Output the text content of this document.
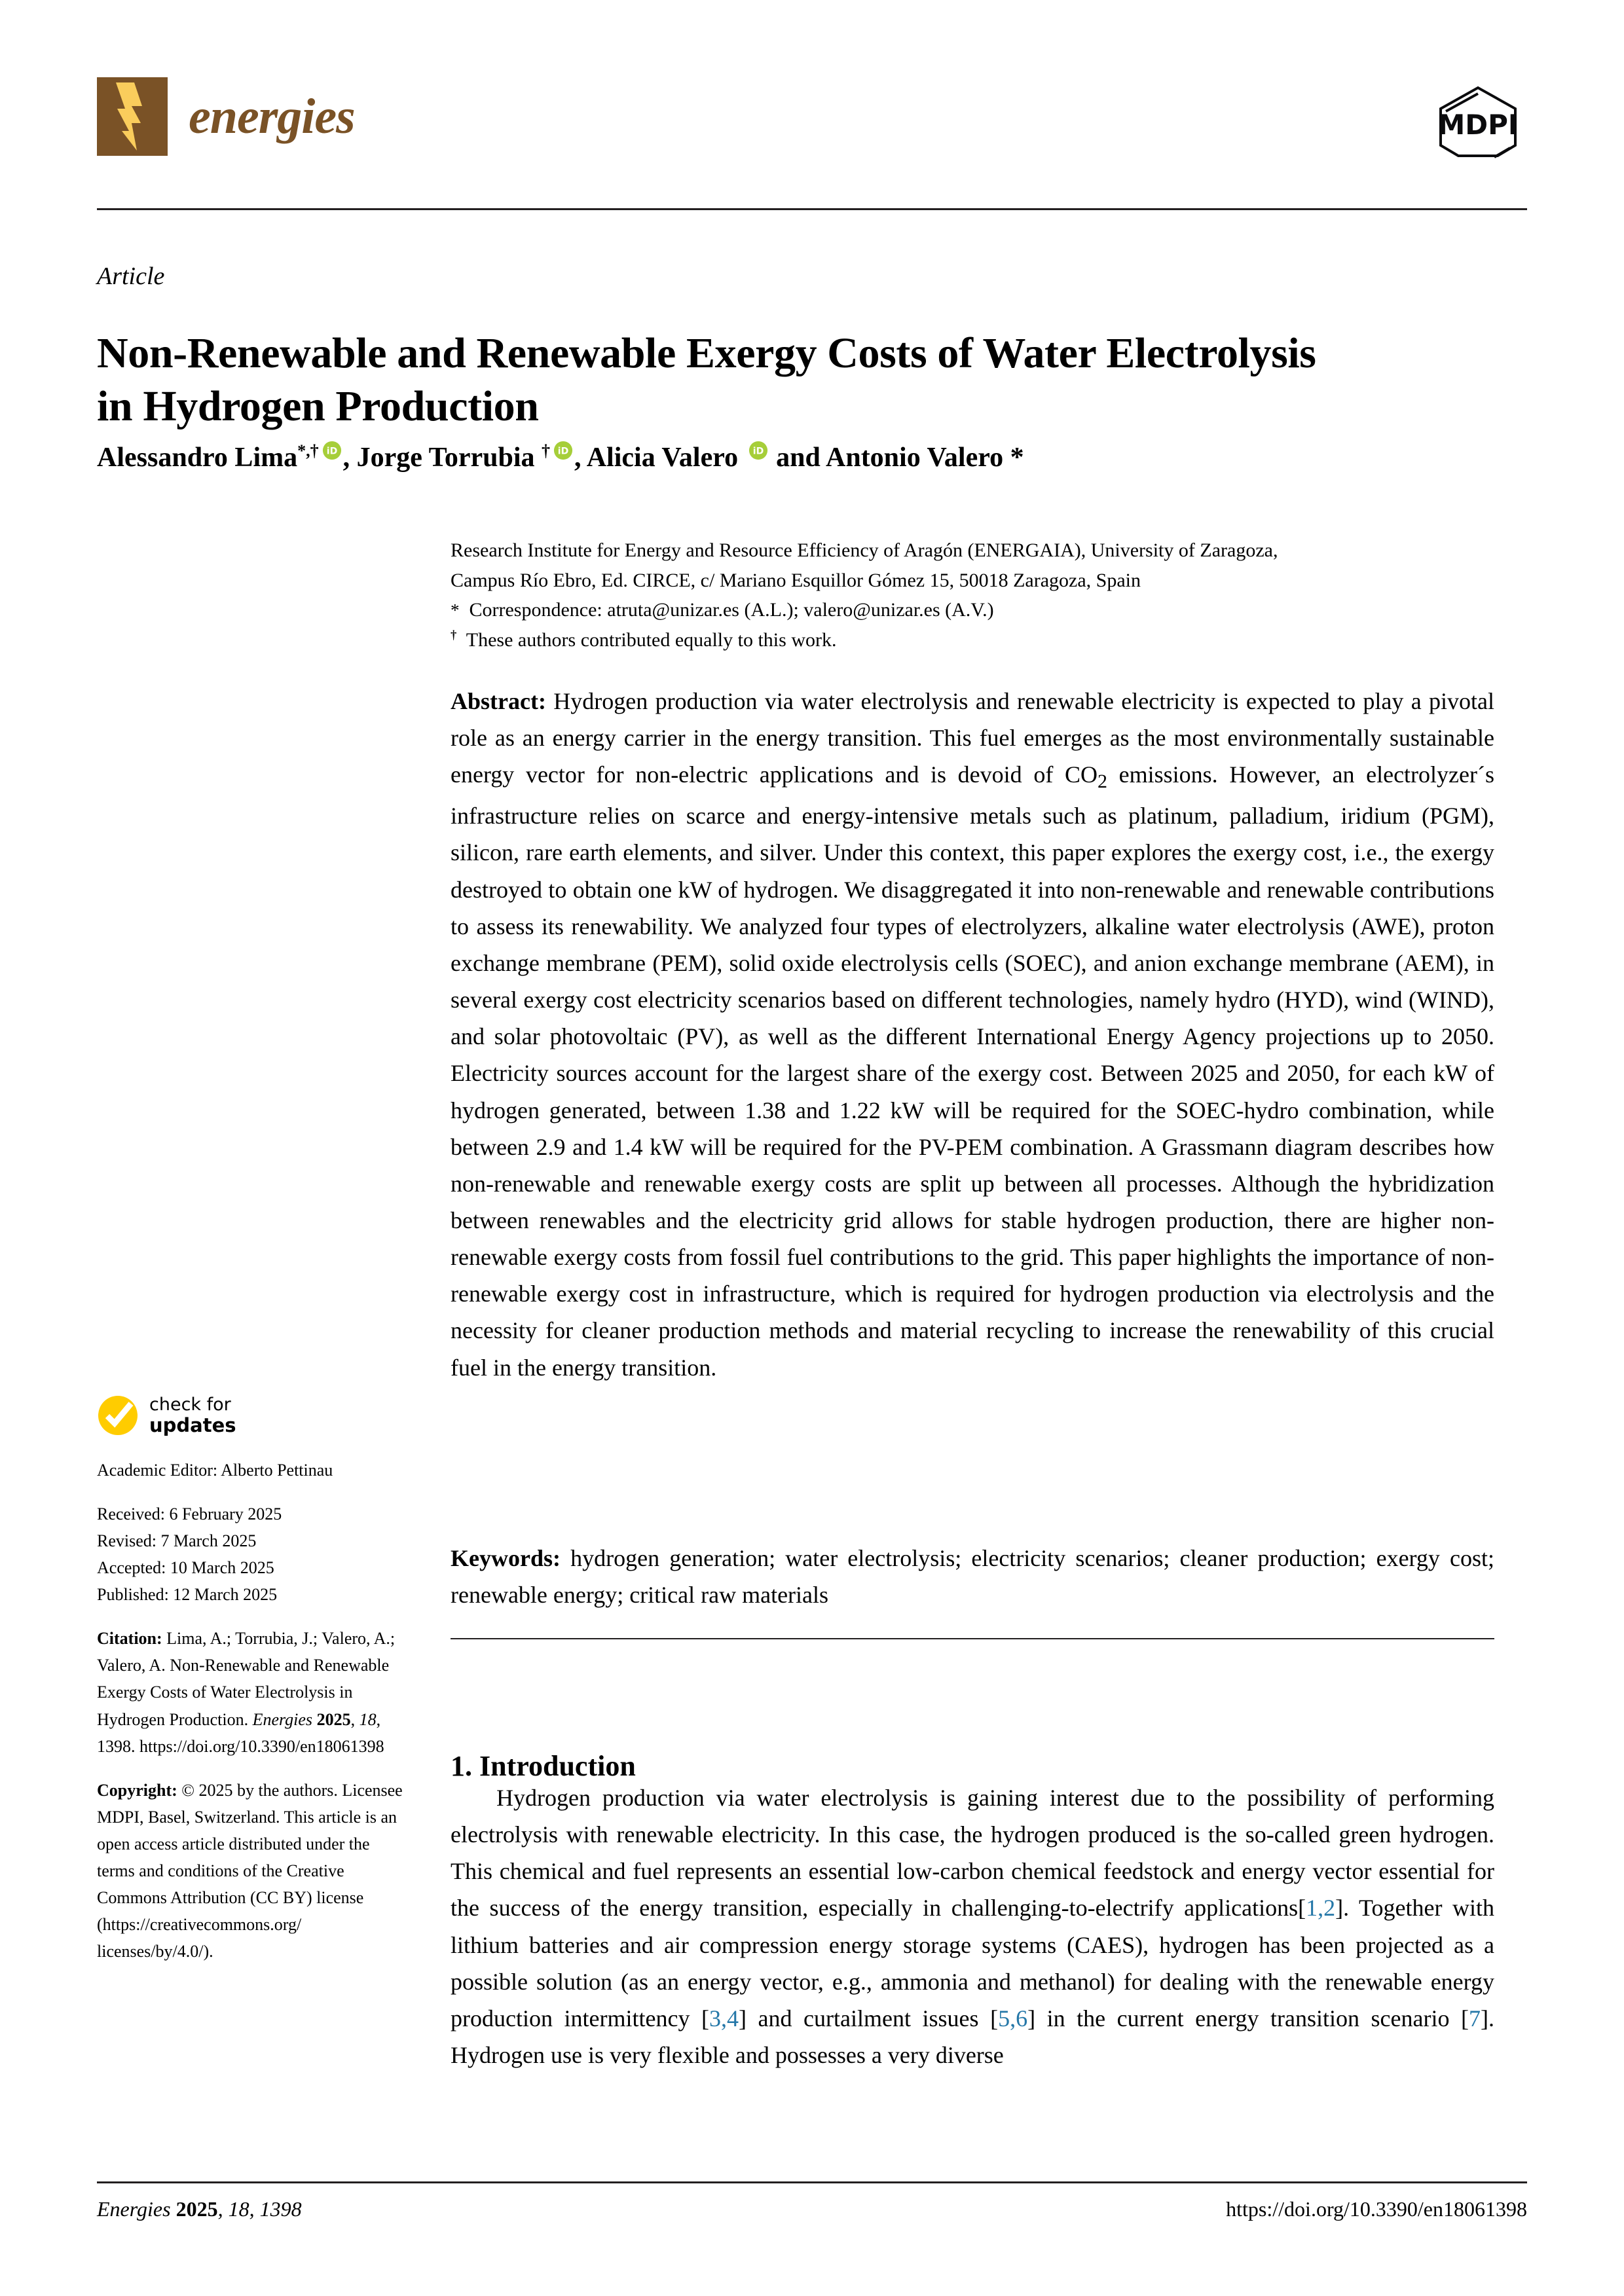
energies	MDPI
Article
Non-Renewable and Renewable Exergy Costs of Water Electrolysis in Hydrogen Production
Alessandro Lima*,† iD , Jorge Torrubia † iD , Alicia Valero iD and Antonio Valero *
Research Institute for Energy and Resource Efficiency of Aragón (ENERGAIA), University of Zaragoza,
Campus Río Ebro, Ed. CIRCE, c/ Mariano Esquillor Gómez 15, 50018 Zaragoza, Spain
* Correspondence: atruta@unizar.es (A.L.); valero@unizar.es (A.V.)
† These authors contributed equally to this work.
Abstract: Hydrogen production via water electrolysis and renewable electricity is expected to play a pivotal role as an energy carrier in the energy transition. This fuel emerges as the most environmentally sustainable energy vector for non-electric applications and is devoid of $CO_2$ emissions. However, an electrolyzer´s infrastructure relies on scarce and energy-intensive metals such as platinum, palladium, iridium (PGM), silicon, rare earth elements, and silver. Under this context, this paper explores the exergy cost, i.e., the exergy destroyed to obtain one kW of hydrogen. We disaggregated it into non-renewable and renewable contributions to assess its renewability. We analyzed four types of electrolyzers, alkaline water electrolysis (AWE), proton exchange membrane (PEM), solid oxide electrolysis cells (SOEC), and anion exchange membrane (AEM), in several exergy cost electricity scenarios based on different technologies, namely hydro (HYD), wind (WIND), and solar photovoltaic (PV), as well as the different International Energy Agency projections up to 2050. Electricity sources account for the largest share of the exergy cost. Between 2025 and 2050, for each kW of hydrogen generated, between 1.38 and 1.22 kW will be required for the SOEC-hydro combination, while between 2.9 and 1.4 kW will be required for the PV-PEM combination. A Grassmann diagram describes how non-renewable and renewable exergy costs are split up between all processes. Although the hybridization between renewables and the electricity grid allows for stable hydrogen production, there are higher non-renewable exergy costs from fossil fuel contributions to the grid. This paper highlights the importance of non-renewable exergy cost in infrastructure, which is required for hydrogen production via electrolysis and the necessity for cleaner production methods and material recycling to increase the renewability of this crucial fuel in the energy transition.
Keywords: hydrogen generation; water electrolysis; electricity scenarios; cleaner production; exergy cost; renewable energy; critical raw materials
1. Introduction

Hydrogen production via water electrolysis is gaining interest due to the possibility of performing electrolysis with renewable electricity. In this case, the hydrogen produced is the so-called green hydrogen. This chemical and fuel represents an essential low-carbon chemical feedstock and energy vector essential for the success of the energy transition, especially in challenging-to-electrify applications[1,2]. Together with lithium batteries and air compression energy storage systems (CAES), hydrogen has been projected as a possible solution (as an energy vector, e.g., ammonia and methanol) for dealing with the renewable energy production intermittency [3,4] and curtailment issues [5,6] in the current energy transition scenario [7]. Hydrogen use is very flexible and possesses a very diverse

check for
updates
Academic Editor: Alberto Pettinau
Received: 6 February 2025
Revised: 7 March 2025
Accepted: 10 March 2025
Published: 12 March 2025
Citation: Lima, A.; Torrubia, J.; Valero, A.; Valero, A. Non-Renewable and Renewable Exergy Costs of Water Electrolysis in Hydrogen Production. Energies 2025, 18, 1398. https://doi.org/10.3390/en18061398
Copyright: © 2025 by the authors. Licensee MDPI, Basel, Switzerland. This article is an open access article distributed under the terms and conditions of the Creative Commons Attribution (CC BY) license (https://creativecommons.org/ licenses/by/4.0/).
Energies 2025, 18, 1398	https://doi.org/10.3390/en18061398
